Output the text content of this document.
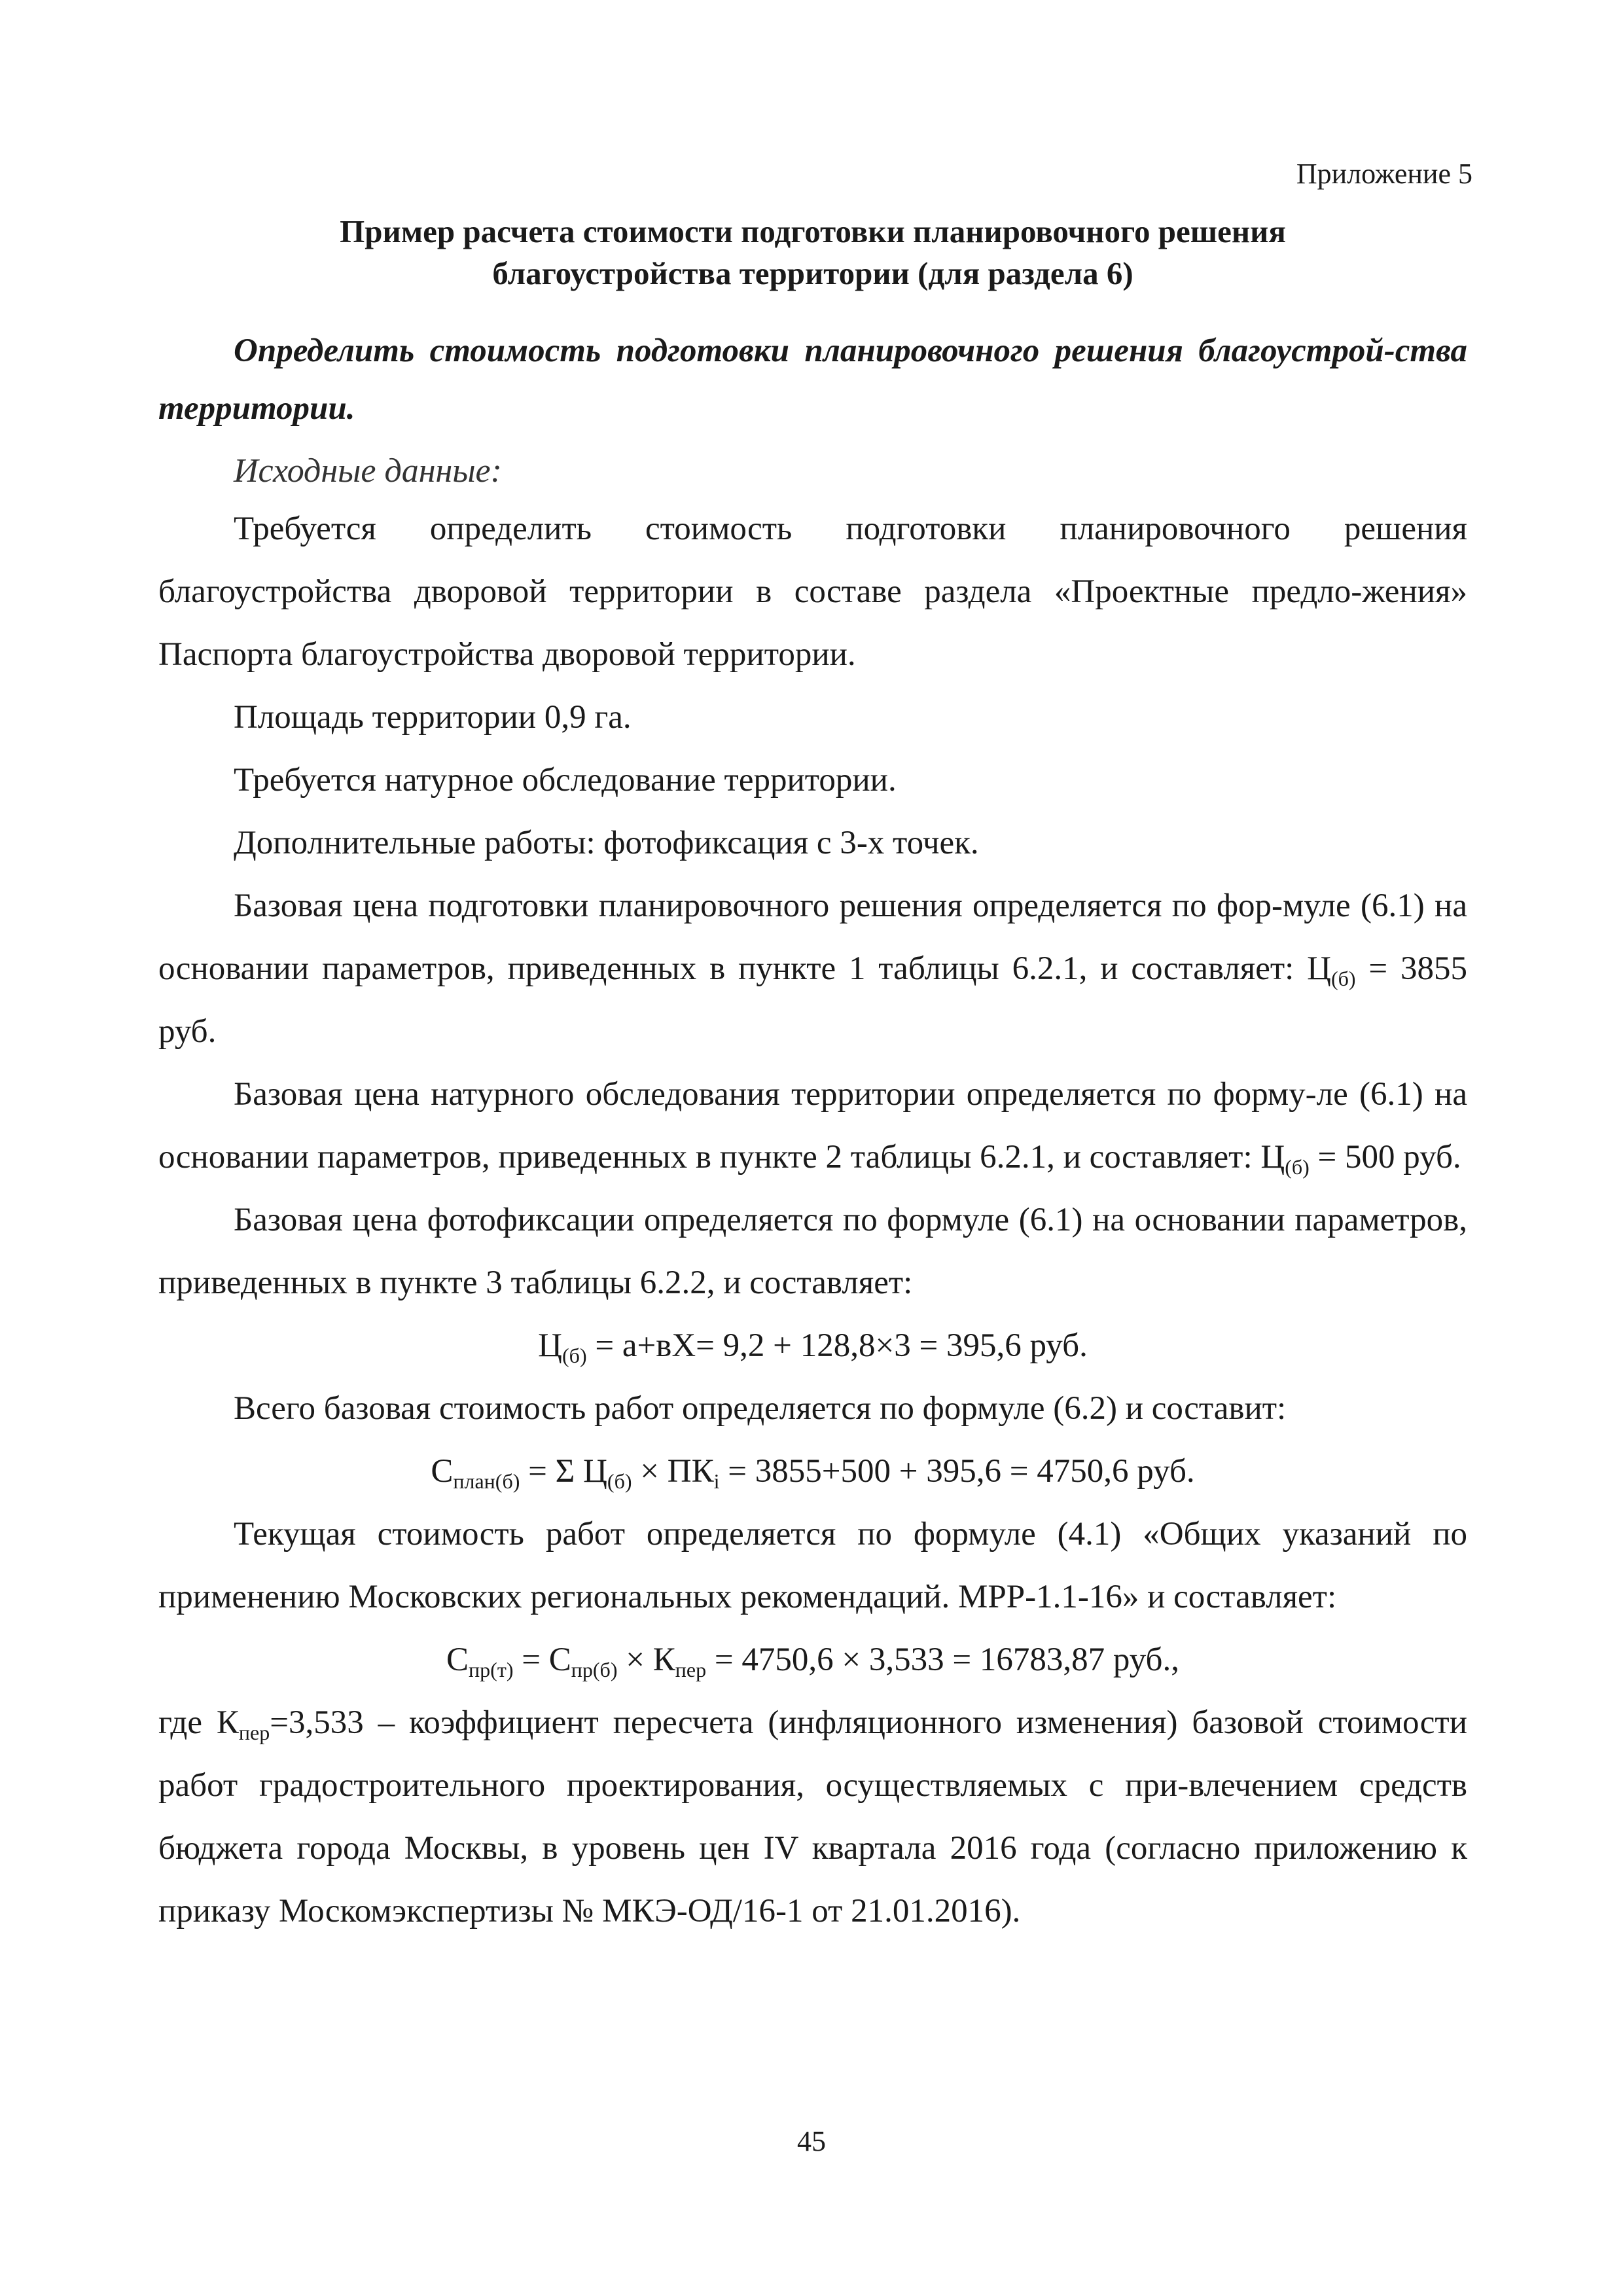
Приложение 5
Пример расчета стоимости подготовки планировочного решения
благоустройства территории (для раздела 6)

Определить стоимость подготовки планировочного решения благоустрой-ства территории.

Исходные данные:

Требуется определить стоимость подготовки планировочного решения благоустройства дворовой территории в составе раздела «Проектные предло-жения» Паспорта благоустройства дворовой территории.

Площадь территории 0,9 га.

Требуется натурное обследование территории.

Дополнительные работы: фотофиксация с 3-х точек.

Базовая цена подготовки планировочного решения определяется по фор-муле (6.1) на основании параметров, приведенных в пункте 1 таблицы 6.2.1, и составляет: $Ц_{(б)} = 3855$ руб.

Базовая цена натурного обследования территории определяется по форму-ле (6.1) на основании параметров, приведенных в пункте 2 таблицы 6.2.1, и составляет: $Ц_{(б)} = 500$ руб.

Базовая цена фотофиксации определяется по формуле (6.1) на основании параметров, приведенных в пункте 3 таблицы 6.2.2, и составляет:

$Ц_{(б)} = а+вХ= 9,2 + 128,8\times 3 = 395,6$ руб.

Всего базовая стоимость работ определяется по формуле (6.2) и составит:

$С_{план(б)} = \Sigma$ $Ц_{(б)} \times ПК_i = 3855+500 + 395,6 = 4750,6$ руб.

Текущая стоимость работ определяется по формуле (4.1) «Общих указаний по применению Московских региональных рекомендаций. МРР-1.1-16» и составляет:

$С_{пр(т)} = С_{пр(б)} \times К_{пер} = 4750,6 \times 3,533 = 16783,87$ руб.,

где $К_{пер}=3,533$ – коэффициент пересчета (инфляционного изменения) базовой стоимости работ градостроительного проектирования, осуществляемых с при-влечением средств бюджета города Москвы, в уровень цен IV квартала 2016 года (согласно приложению к приказу Москомэкспертизы № МКЭ-ОД/16-1 от 21.01.2016).

45
